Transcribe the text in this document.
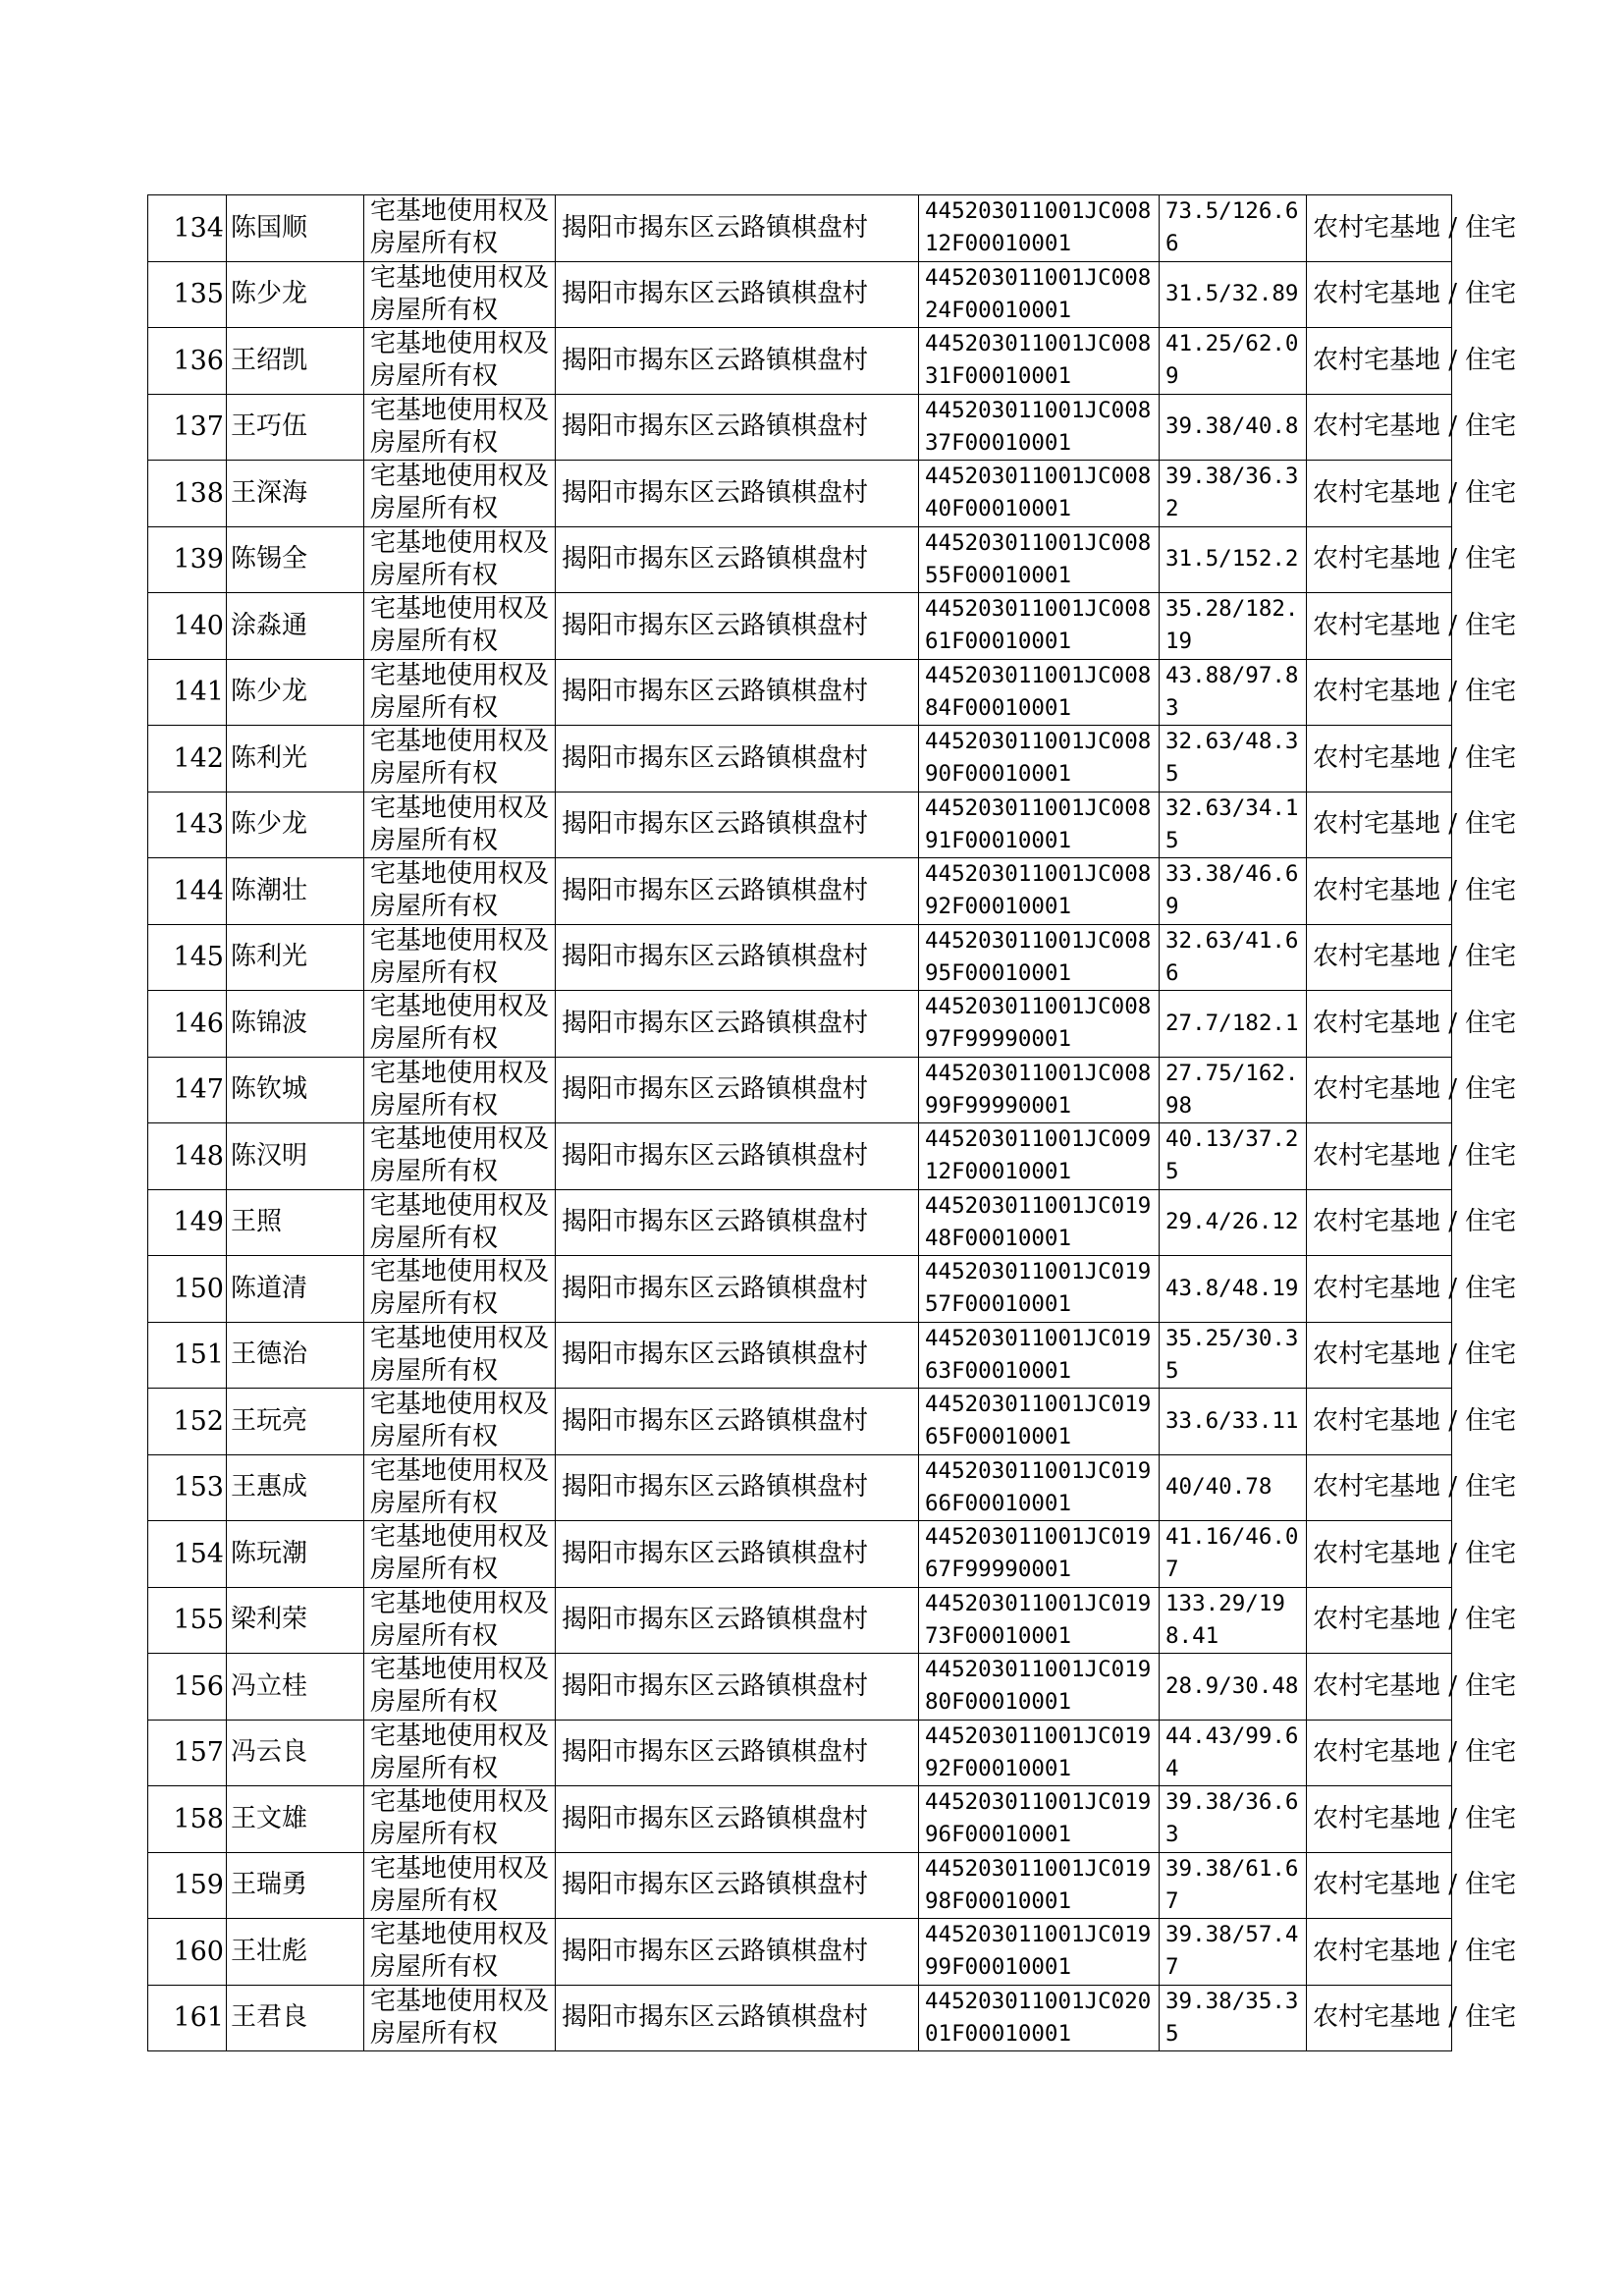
134	陈国顺	宅基地使用权及房屋所有权	揭阳市揭东区云路镇棋盘村	445203011001JC00812F00010001	73.5/126.66	农村宅基地 / 住宅
135	陈少龙	宅基地使用权及房屋所有权	揭阳市揭东区云路镇棋盘村	445203011001JC00824F00010001	31.5/32.89	农村宅基地 / 住宅
136	王绍凯	宅基地使用权及房屋所有权	揭阳市揭东区云路镇棋盘村	445203011001JC00831F00010001	41.25/62.09	农村宅基地 / 住宅
137	王巧伍	宅基地使用权及房屋所有权	揭阳市揭东区云路镇棋盘村	445203011001JC00837F00010001	39.38/40.8	农村宅基地 / 住宅
138	王深海	宅基地使用权及房屋所有权	揭阳市揭东区云路镇棋盘村	445203011001JC00840F00010001	39.38/36.32	农村宅基地 / 住宅
139	陈锡全	宅基地使用权及房屋所有权	揭阳市揭东区云路镇棋盘村	445203011001JC00855F00010001	31.5/152.2	农村宅基地 / 住宅
140	涂淼通	宅基地使用权及房屋所有权	揭阳市揭东区云路镇棋盘村	445203011001JC00861F00010001	35.28/182.19	农村宅基地 / 住宅
141	陈少龙	宅基地使用权及房屋所有权	揭阳市揭东区云路镇棋盘村	445203011001JC00884F00010001	43.88/97.83	农村宅基地 / 住宅
142	陈利光	宅基地使用权及房屋所有权	揭阳市揭东区云路镇棋盘村	445203011001JC00890F00010001	32.63/48.35	农村宅基地 / 住宅
143	陈少龙	宅基地使用权及房屋所有权	揭阳市揭东区云路镇棋盘村	445203011001JC00891F00010001	32.63/34.15	农村宅基地 / 住宅
144	陈潮壮	宅基地使用权及房屋所有权	揭阳市揭东区云路镇棋盘村	445203011001JC00892F00010001	33.38/46.69	农村宅基地 / 住宅
145	陈利光	宅基地使用权及房屋所有权	揭阳市揭东区云路镇棋盘村	445203011001JC00895F00010001	32.63/41.66	农村宅基地 / 住宅
146	陈锦波	宅基地使用权及房屋所有权	揭阳市揭东区云路镇棋盘村	445203011001JC00897F99990001	27.7/182.1	农村宅基地 / 住宅
147	陈钦城	宅基地使用权及房屋所有权	揭阳市揭东区云路镇棋盘村	445203011001JC00899F99990001	27.75/162.98	农村宅基地 / 住宅
148	陈汉明	宅基地使用权及房屋所有权	揭阳市揭东区云路镇棋盘村	445203011001JC00912F00010001	40.13/37.25	农村宅基地 / 住宅
149	王照	宅基地使用权及房屋所有权	揭阳市揭东区云路镇棋盘村	445203011001JC01948F00010001	29.4/26.12	农村宅基地 / 住宅
150	陈道清	宅基地使用权及房屋所有权	揭阳市揭东区云路镇棋盘村	445203011001JC01957F00010001	43.8/48.19	农村宅基地 / 住宅
151	王德治	宅基地使用权及房屋所有权	揭阳市揭东区云路镇棋盘村	445203011001JC01963F00010001	35.25/30.35	农村宅基地 / 住宅
152	王玩亮	宅基地使用权及房屋所有权	揭阳市揭东区云路镇棋盘村	445203011001JC01965F00010001	33.6/33.11	农村宅基地 / 住宅
153	王惠成	宅基地使用权及房屋所有权	揭阳市揭东区云路镇棋盘村	445203011001JC01966F00010001	40/40.78	农村宅基地 / 住宅
154	陈玩潮	宅基地使用权及房屋所有权	揭阳市揭东区云路镇棋盘村	445203011001JC01967F99990001	41.16/46.07	农村宅基地 / 住宅
155	梁利荣	宅基地使用权及房屋所有权	揭阳市揭东区云路镇棋盘村	445203011001JC01973F00010001	133.29/198.41	农村宅基地 / 住宅
156	冯立桂	宅基地使用权及房屋所有权	揭阳市揭东区云路镇棋盘村	445203011001JC01980F00010001	28.9/30.48	农村宅基地 / 住宅
157	冯云良	宅基地使用权及房屋所有权	揭阳市揭东区云路镇棋盘村	445203011001JC01992F00010001	44.43/99.64	农村宅基地 / 住宅
158	王文雄	宅基地使用权及房屋所有权	揭阳市揭东区云路镇棋盘村	445203011001JC01996F00010001	39.38/36.63	农村宅基地 / 住宅
159	王瑞勇	宅基地使用权及房屋所有权	揭阳市揭东区云路镇棋盘村	445203011001JC01998F00010001	39.38/61.67	农村宅基地 / 住宅
160	王壮彪	宅基地使用权及房屋所有权	揭阳市揭东区云路镇棋盘村	445203011001JC01999F00010001	39.38/57.47	农村宅基地 / 住宅
161	王君良	宅基地使用权及房屋所有权	揭阳市揭东区云路镇棋盘村	445203011001JC02001F00010001	39.38/35.35	农村宅基地 / 住宅
